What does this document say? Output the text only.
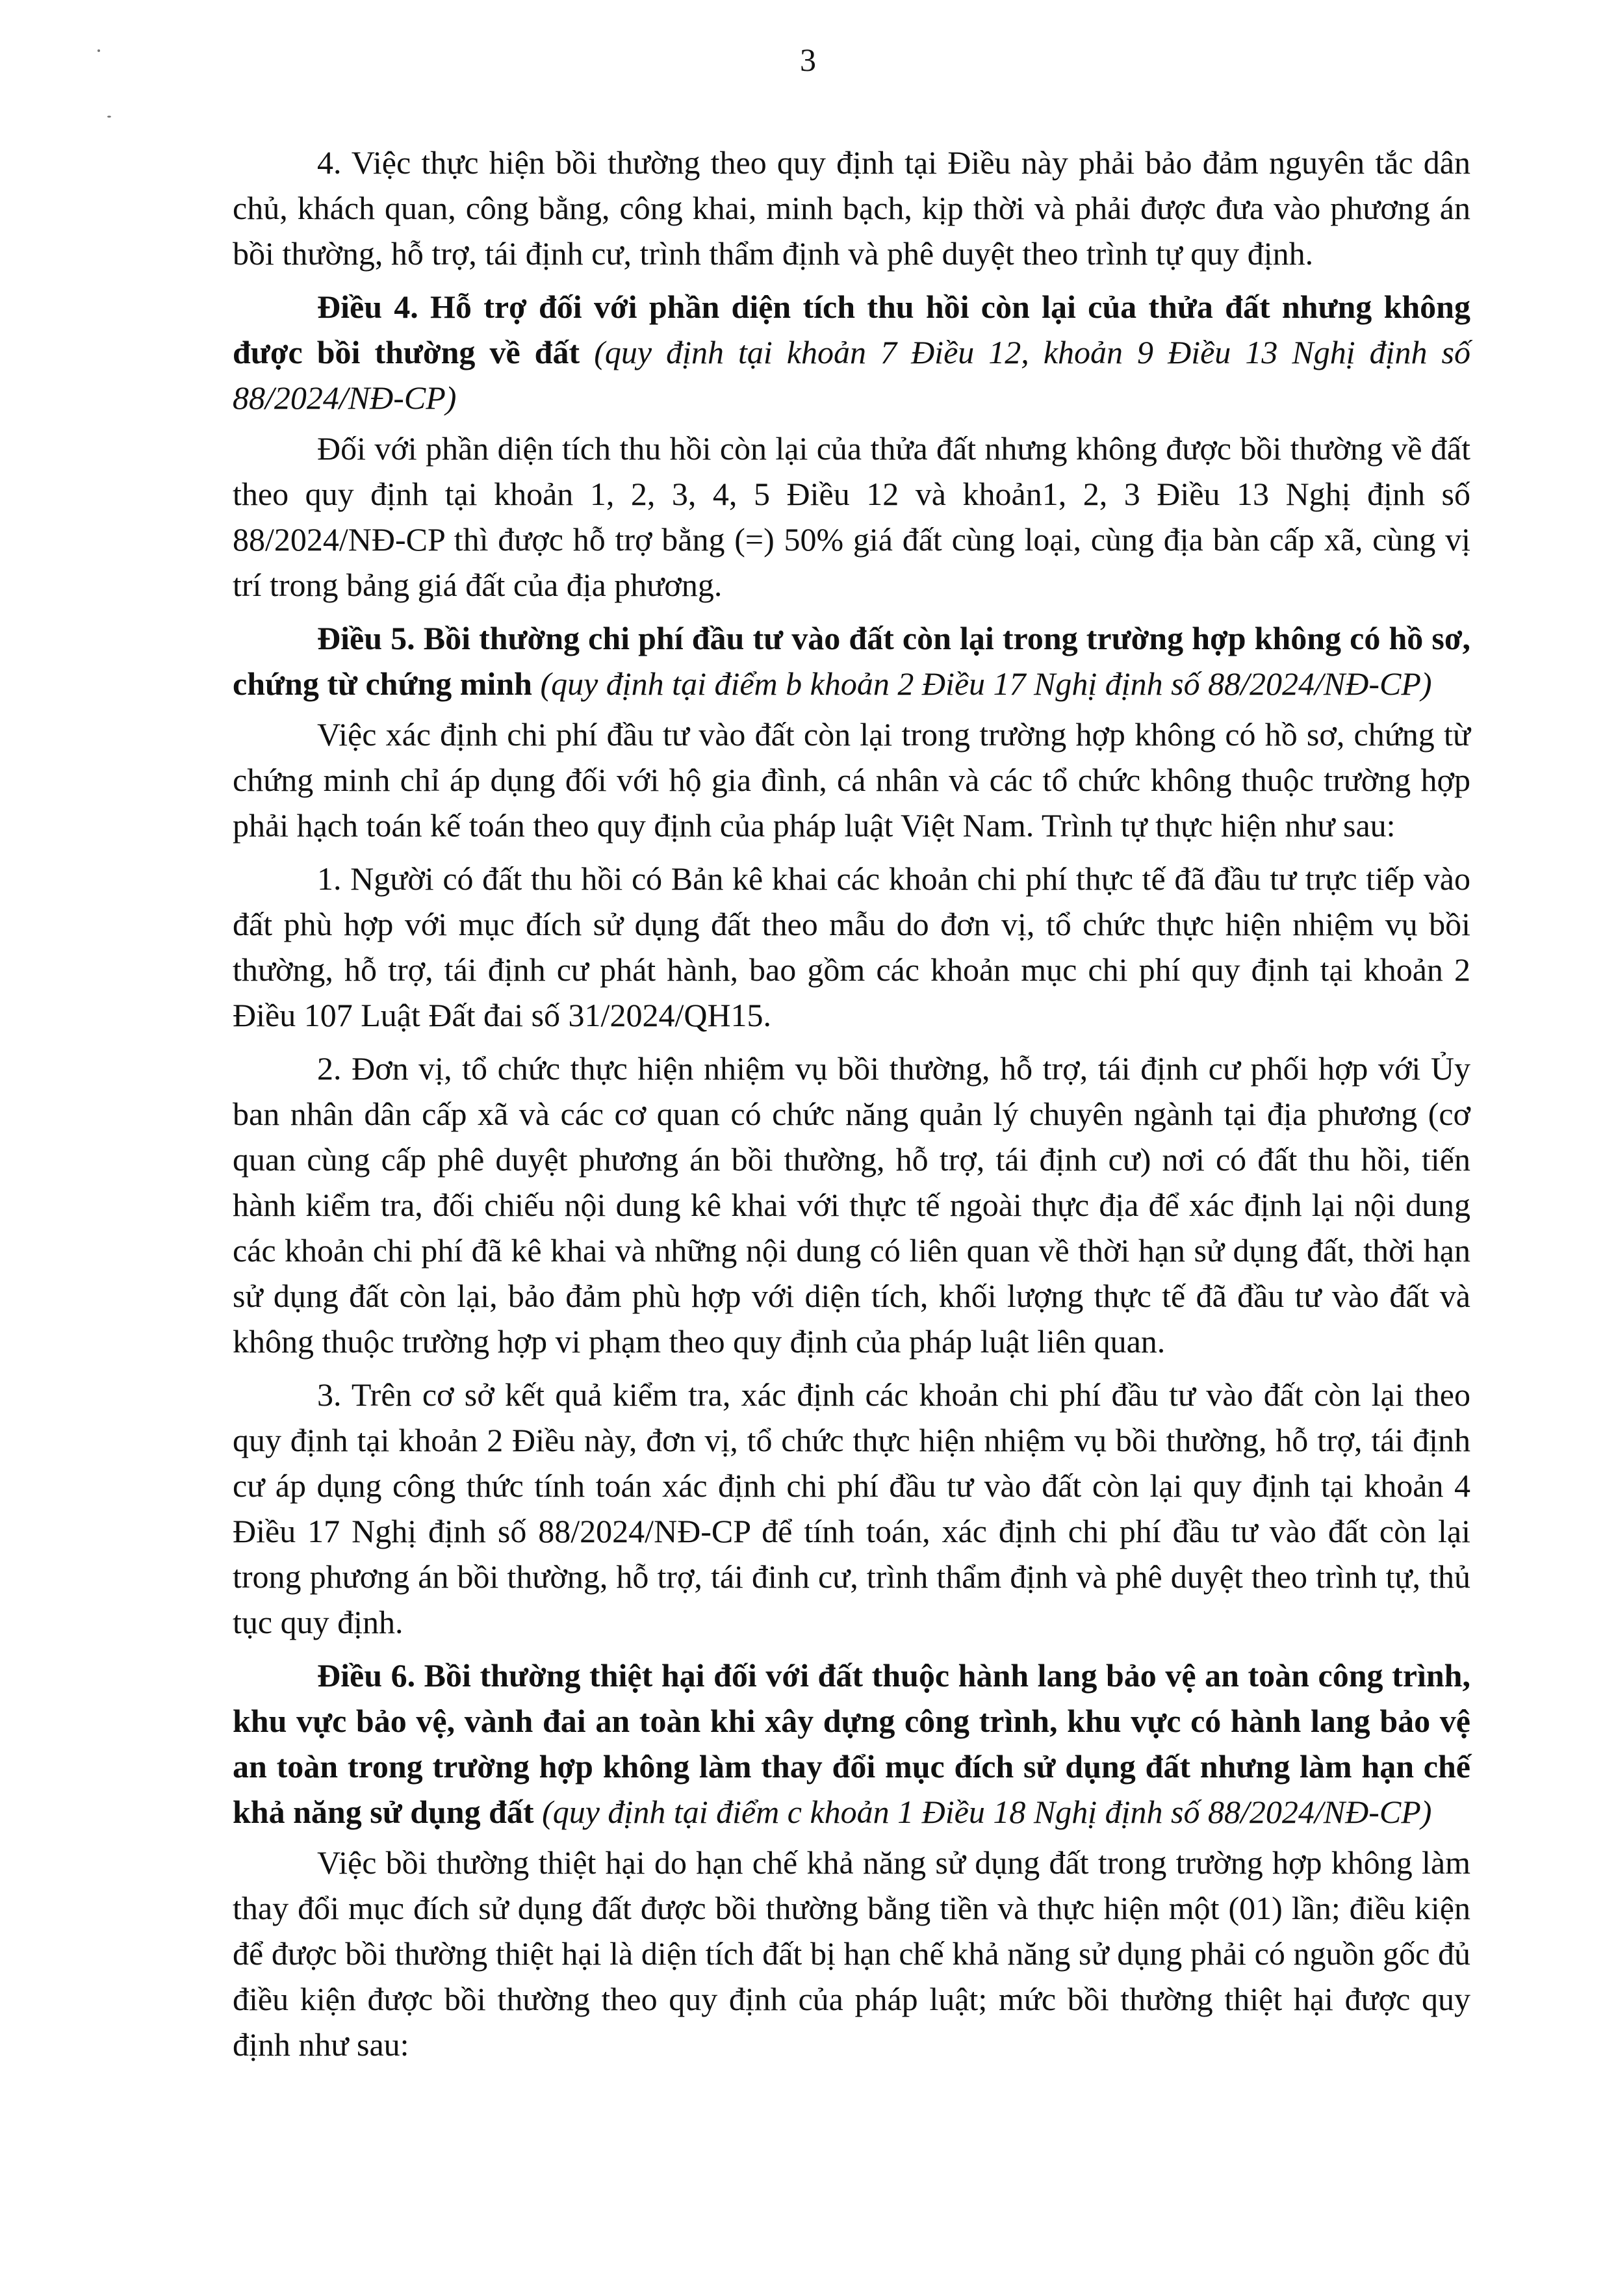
3

4. Việc thực hiện bồi thường theo quy định tại Điều này phải bảo đảm nguyên tắc dân chủ, khách quan, công bằng, công khai, minh bạch, kịp thời và phải được đưa vào phương án bồi thường, hỗ trợ, tái định cư, trình thẩm định và phê duyệt theo trình tự quy định.

Điều 4. Hỗ trợ đối với phần diện tích thu hồi còn lại của thửa đất nhưng không được bồi thường về đất (quy định tại khoản 7 Điều 12, khoản 9 Điều 13 Nghị định số 88/2024/NĐ-CP)

Đối với phần diện tích thu hồi còn lại của thửa đất nhưng không được bồi thường về đất theo quy định tại khoản 1, 2, 3, 4, 5 Điều 12 và khoản1, 2, 3 Điều 13 Nghị định số 88/2024/NĐ-CP thì được hỗ trợ bằng (=) 50% giá đất cùng loại, cùng địa bàn cấp xã, cùng vị trí trong bảng giá đất của địa phương.

Điều 5. Bồi thường chi phí đầu tư vào đất còn lại trong trường hợp không có hồ sơ, chứng từ chứng minh (quy định tại điểm b khoản 2 Điều 17 Nghị định số 88/2024/NĐ-CP)

Việc xác định chi phí đầu tư vào đất còn lại trong trường hợp không có hồ sơ, chứng từ chứng minh chỉ áp dụng đối với hộ gia đình, cá nhân và các tổ chức không thuộc trường hợp phải hạch toán kế toán theo quy định của pháp luật Việt Nam. Trình tự thực hiện như sau:

1. Người có đất thu hồi có Bản kê khai các khoản chi phí thực tế đã đầu tư trực tiếp vào đất phù hợp với mục đích sử dụng đất theo mẫu do đơn vị, tổ chức thực hiện nhiệm vụ bồi thường, hỗ trợ, tái định cư phát hành, bao gồm các khoản mục chi phí quy định tại khoản 2 Điều 107 Luật Đất đai số 31/2024/QH15.

2. Đơn vị, tổ chức thực hiện nhiệm vụ bồi thường, hỗ trợ, tái định cư phối hợp với Ủy ban nhân dân cấp xã và các cơ quan có chức năng quản lý chuyên ngành tại địa phương (cơ quan cùng cấp phê duyệt phương án bồi thường, hỗ trợ, tái định cư) nơi có đất thu hồi, tiến hành kiểm tra, đối chiếu nội dung kê khai với thực tế ngoài thực địa để xác định lại nội dung các khoản chi phí đã kê khai và những nội dung có liên quan về thời hạn sử dụng đất, thời hạn sử dụng đất còn lại, bảo đảm phù hợp với diện tích, khối lượng thực tế đã đầu tư vào đất và không thuộc trường hợp vi phạm theo quy định của pháp luật liên quan.

3. Trên cơ sở kết quả kiểm tra, xác định các khoản chi phí đầu tư vào đất còn lại theo quy định tại khoản 2 Điều này, đơn vị, tổ chức thực hiện nhiệm vụ bồi thường, hỗ trợ, tái định cư áp dụng công thức tính toán xác định chi phí đầu tư vào đất còn lại quy định tại khoản 4 Điều 17 Nghị định số 88/2024/NĐ-CP để tính toán, xác định chi phí đầu tư vào đất còn lại trong phương án bồi thường, hỗ trợ, tái đinh cư, trình thẩm định và phê duyệt theo trình tự, thủ tục quy định.

Điều 6. Bồi thường thiệt hại đối với đất thuộc hành lang bảo vệ an toàn công trình, khu vực bảo vệ, vành đai an toàn khi xây dựng công trình, khu vực có hành lang bảo vệ an toàn trong trường hợp không làm thay đổi mục đích sử dụng đất nhưng làm hạn chế khả năng sử dụng đất (quy định tại điểm c khoản 1 Điều 18 Nghị định số 88/2024/NĐ-CP)

Việc bồi thường thiệt hại do hạn chế khả năng sử dụng đất trong trường hợp không làm thay đổi mục đích sử dụng đất được bồi thường bằng tiền và thực hiện một (01) lần; điều kiện để được bồi thường thiệt hại là diện tích đất bị hạn chế khả năng sử dụng phải có nguồn gốc đủ điều kiện được bồi thường theo quy định của pháp luật; mức bồi thường thiệt hại được quy định như sau:
